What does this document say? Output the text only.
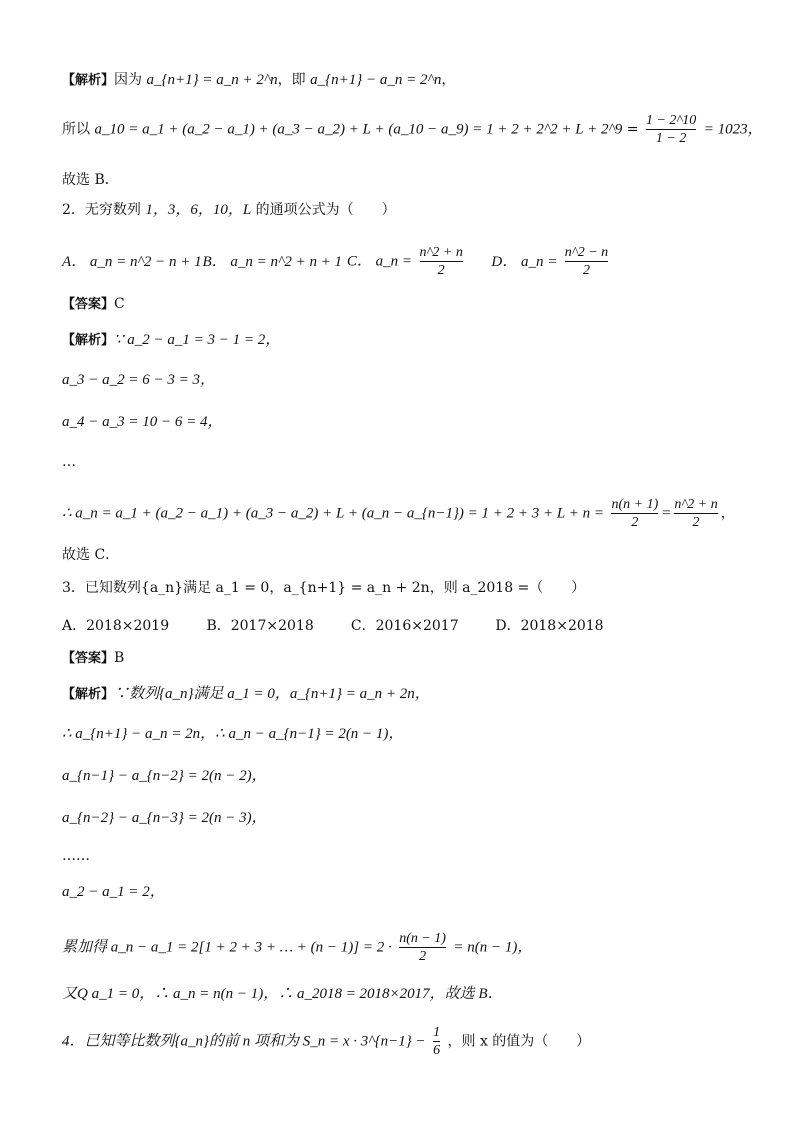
【解析】因为 a_{n+1} = a_n + 2^n，即 a_{n+1} − a_n = 2^n，
所以 a_10 = a_1 + (a_2 − a_1) + (a_3 − a_2) + L + (a_10 − a_9) = 1 + 2 + 2^2 + L + 2^9 = $\frac{1 - 2\^{}10}{1 - 2} = 1023$，
故选 B．
2．无穷数列 1，3，6，10，L 的通项公式为（　　）
A． a_n = n^2 − n + 1 B． a_n = n^2 + n + 1 C． a_n = $\frac{n\^{}2 + n}{2}$ D． a_n = $\frac{n\^{}2 - n}{2}$
【答案】C
【解析】∵ a_2 − a_1 = 3 − 1 = 2，
a_3 − a_2 = 6 − 3 = 3，
a_4 − a_3 = 10 − 6 = 4，
…
∴ a_n = a_1 + (a_2 − a_1) + (a_3 − a_2) + L + (a_n − a_{n−1}) = $1 + 2 + 3 + L + n = \frac{n(n + 1)}{2} = \frac{n\^{}2 + n}{2}$ ，
故选 C．
3．已知数列{a_n}满足 a_1 = 0，a_{n+1} = a_n + 2n，则 a_2018 =（　　）
A．2018×2019	B．2017×2018	C．2016×2017	D．2018×2018
【答案】B
【解析】∵数列{a_n}满足 a_1 = 0，a_{n+1} = a_n + 2n，
∴ a_{n+1} − a_n = 2n，∴ a_n − a_{n−1} = 2(n − 1)，
a_{n−1} − a_{n−2} = 2(n − 2)，
a_{n−2} − a_{n−3} = 2(n − 3)，
……
a_2 − a_1 = 2，
累加得 a_n − a_1 = 2[1 + 2 + 3 + … + $(n - 1)] = 2 \cdot \frac{n(n - 1)}{2} = n(n - 1)$，
又Q a_1 = 0，∴ a_n = n(n − 1)，∴ a_2018 = 2018×2017，故选 B．
4．已知等比数列{a_n}的前 n 项和为 S_n = x · 3^{n−1} − $\frac{1}{6}$ ，则 x 的值为（　　）
